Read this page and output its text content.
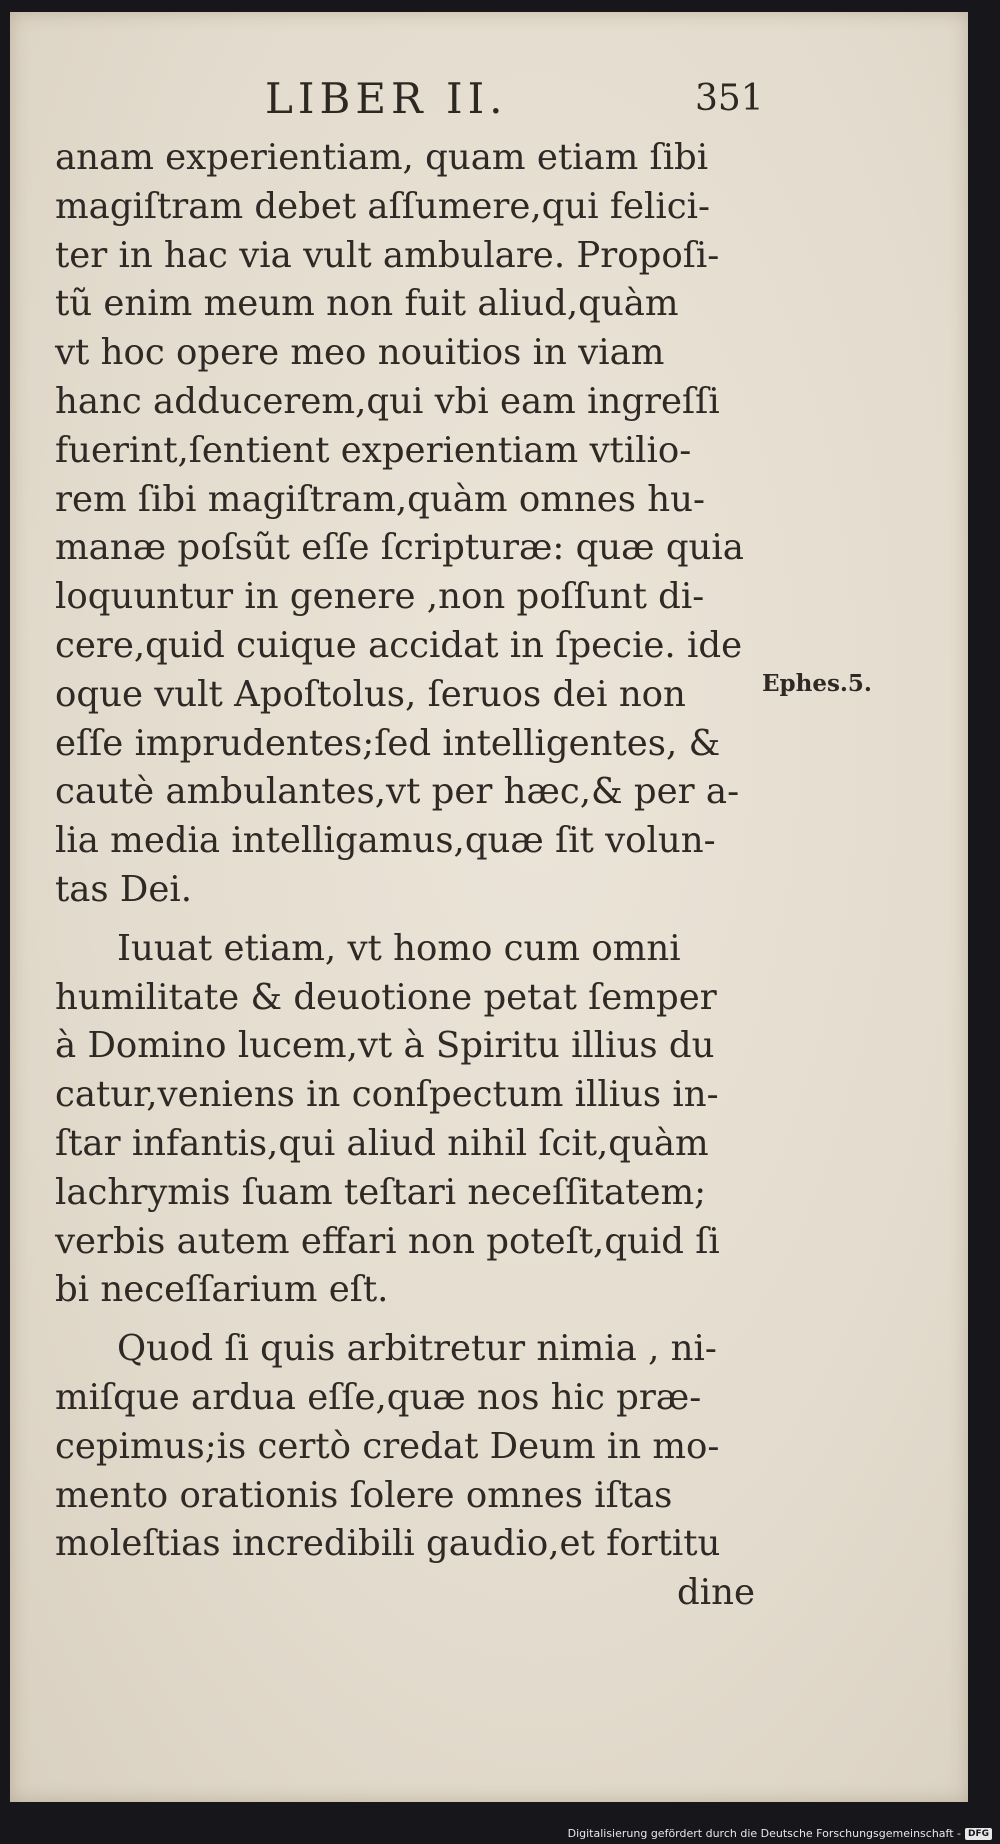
LIBER II.	351

anam experientiam, quam etiam ſibi
magiſtram debet aſſumere,qui felici-
ter in hac via vult ambulare. Propoſi-
tũ enim meum non fuit aliud,quàm
vt hoc opere meo nouitios in viam
hanc adducerem,qui vbi eam ingreſſi
fuerint,ſentient experientiam vtilio-
rem ſibi magiſtram,quàm omnes hu-
manæ poſsũt eſſe ſcripturæ: quæ quia
loquuntur in genere ,non poſſunt di-
cere,quid cuique accidat in ſpecie. ide
oque vult Apoſtolus, ſeruos dei non
eſſe imprudentes;ſed intelligentes, &
cautè ambulantes,vt per hæc,& per a-
lia media intelligamus,quæ ſit volun-
tas Dei.

Iuuat etiam, vt homo cum omni
humilitate & deuotione petat ſemper
à Domino lucem,vt à Spiritu illius du
catur,veniens in conſpectum illius in-
ſtar infantis,qui aliud nihil ſcit,quàm
lachrymis ſuam teſtari neceſſitatem;
verbis autem effari non poteſt,quid ſi
bi neceſſarium eſt.

Quod ſi quis arbitretur nimia , ni-
miſque ardua eſſe,quæ nos hic præ-
cepimus;is certò credat Deum in mo-
mento orationis ſolere omnes iſtas
moleſtias incredibili gaudio,et fortitu
dine

Ephes.5.
Digitalisierung gefördert durch die Deutsche Forschungsgemeinschaft - DFG
